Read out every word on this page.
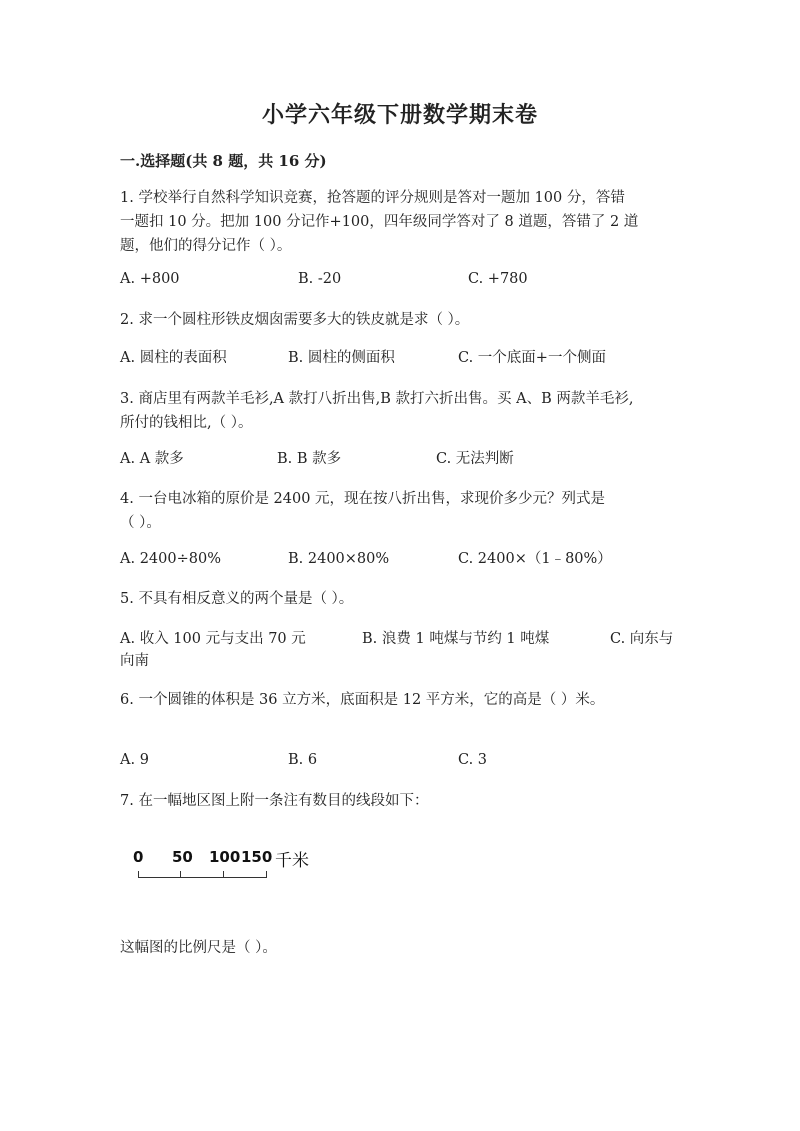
小学六年级下册数学期末卷
一.选择题(共 8 题，共 16 分)
1. 学校举行自然科学知识竞赛，抢答题的评分规则是答对一题加 100 分，答错
一题扣 10 分。把加 100 分记作+100，四年级同学答对了 8 道题，答错了 2 道
题，他们的得分记作（ ）。
A. +800	B. -20	C. +780
2. 求一个圆柱形铁皮烟囱需要多大的铁皮就是求（ ）。
A. 圆柱的表面积	B. 圆柱的侧面积	C. 一个底面+一个侧面
3. 商店里有两款羊毛衫,A 款打八折出售,B 款打六折出售。买 A、B 两款羊毛衫,
所付的钱相比,（ ）。
A. A 款多	B. B 款多	C. 无法判断
4. 一台电冰箱的原价是 2400 元，现在按八折出售，求现价多少元？列式是
（ ）。
A. 2400÷80%	B. 2400×80%	C. 2400×（1﹣80%）
5. 不具有相反意义的两个量是（ ）。
A. 收入 100 元与支出 70 元	B. 浪费 1 吨煤与节约 1 吨煤	C. 向东与
向南
6. 一个圆锥的体积是 36 立方米，底面积是 12 平方米，它的高是（ ）米。
A. 9	B. 6	C. 3
7. 在一幅地区图上附一条注有数目的线段如下：
0 50 100 150 千米
这幅图的比例尺是（ ）。
